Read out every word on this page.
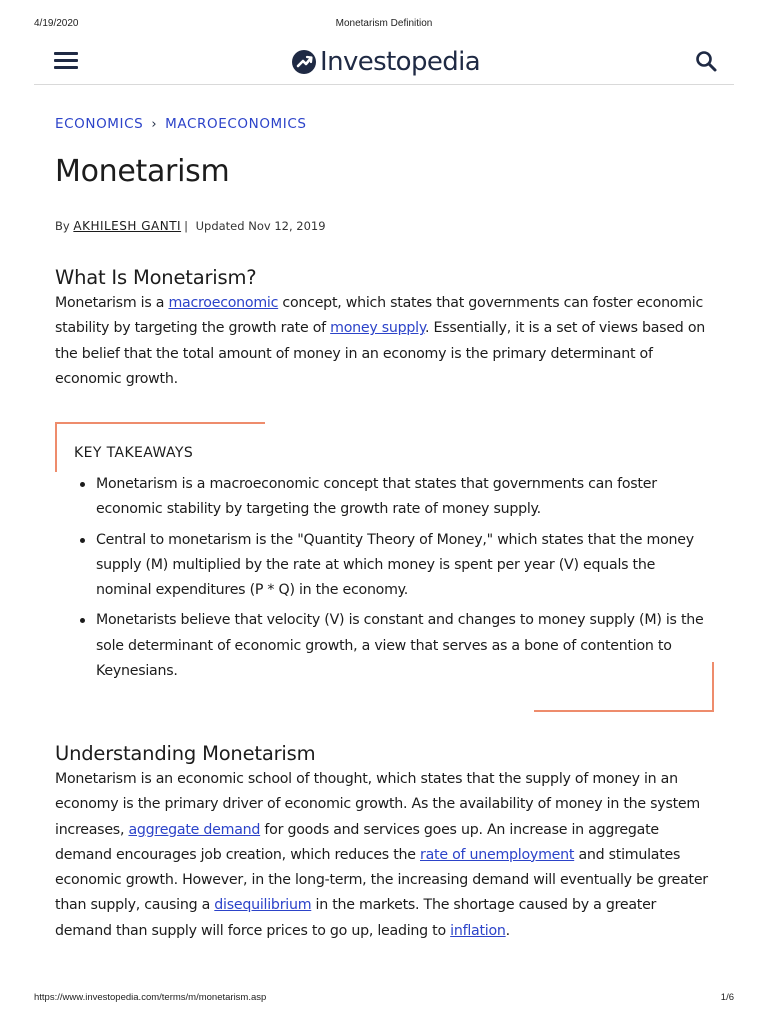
4/19/2020	Monetarism Definition
Investopedia
ECONOMICS › MACROECONOMICS
Monetarism
By AKHILESH GANTI | Updated Nov 12, 2019
What Is Monetarism?

Monetarism is a macroeconomic concept, which states that governments can foster economic stability by targeting the growth rate of money supply. Essentially, it is a set of views based on the belief that the total amount of money in an economy is the primary determinant of economic growth.

KEY TAKEAWAYS
Monetarism is a macroeconomic concept that states that governments can foster economic stability by targeting the growth rate of money supply.
Central to monetarism is the "Quantity Theory of Money," which states that the money supply (M) multiplied by the rate at which money is spent per year (V) equals the nominal expenditures (P * Q) in the economy.
Monetarists believe that velocity (V) is constant and changes to money supply (M) is the sole determinant of economic growth, a view that serves as a bone of contention to Keynesians.
Understanding Monetarism

Monetarism is an economic school of thought, which states that the supply of money in an economy is the primary driver of economic growth. As the availability of money in the system increases, aggregate demand for goods and services goes up. An increase in aggregate demand encourages job creation, which reduces the rate of unemployment and stimulates economic growth. However, in the long-term, the increasing demand will eventually be greater than supply, causing a disequilibrium in the markets. The shortage caused by a greater demand than supply will force prices to go up, leading to inflation.

https://www.investopedia.com/terms/m/monetarism.asp	1/6
